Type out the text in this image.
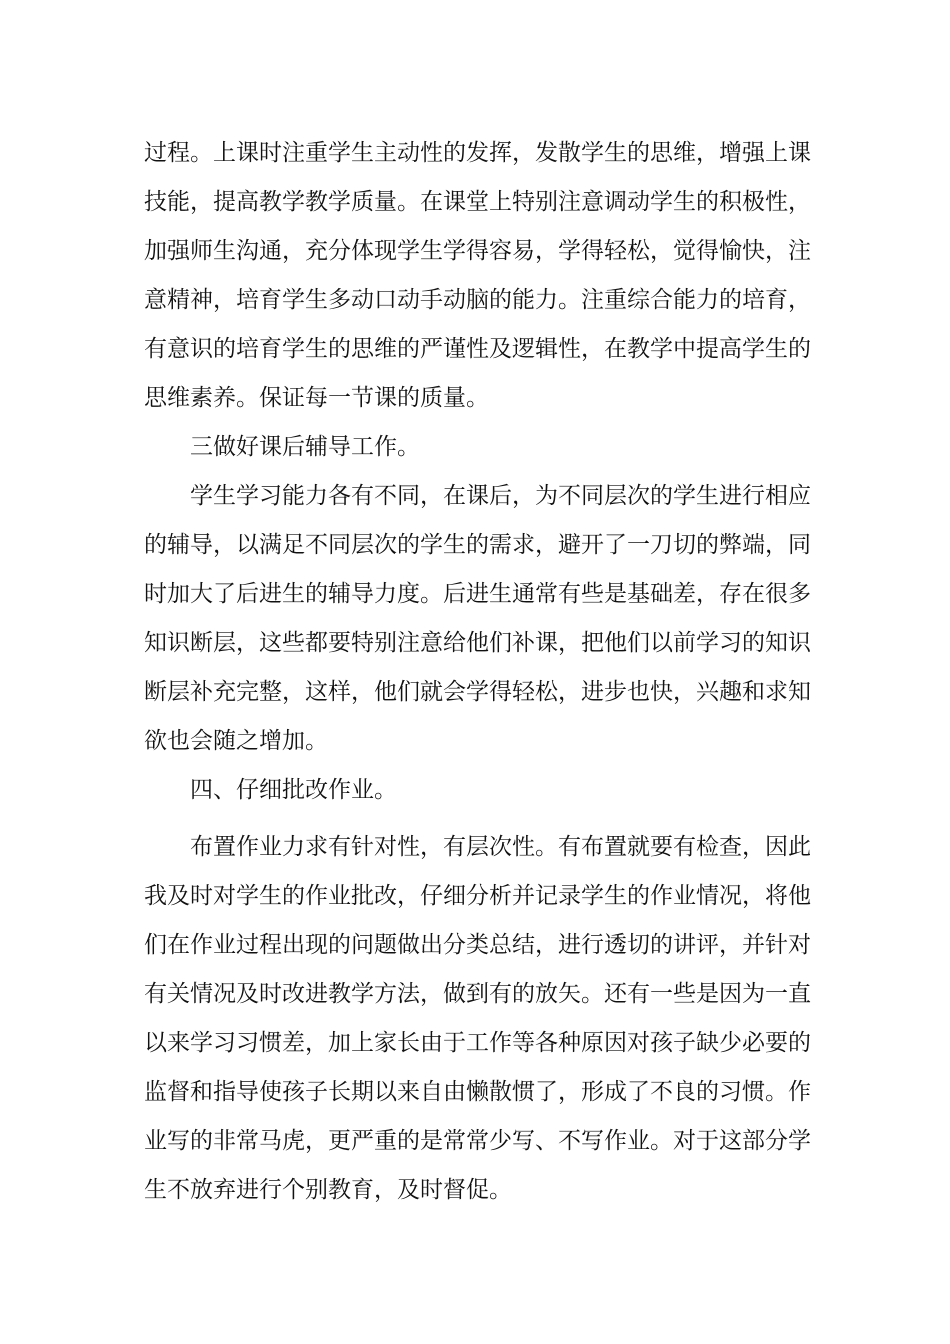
过程。上课时注重学生主动性的发挥，发散学生的思维，增强上课
技能，提高教学教学质量。在课堂上特别注意调动学生的积极性，
加强师生沟通，充分体现学生学得容易，学得轻松，觉得愉快，注
意精神，培育学生多动口动手动脑的能力。注重综合能力的培育，
有意识的培育学生的思维的严谨性及逻辑性，在教学中提高学生的
思维素养。保证每一节课的质量。
三做好课后辅导工作。
学生学习能力各有不同，在课后，为不同层次的学生进行相应
的辅导，以满足不同层次的学生的需求，避开了一刀切的弊端，同
时加大了后进生的辅导力度。后进生通常有些是基础差，存在很多
知识断层，这些都要特别注意给他们补课，把他们以前学习的知识
断层补充完整，这样，他们就会学得轻松，进步也快，兴趣和求知
欲也会随之增加。
四、仔细批改作业。
布置作业力求有针对性，有层次性。有布置就要有检查，因此
我及时对学生的作业批改，仔细分析并记录学生的作业情况，将他
们在作业过程出现的问题做出分类总结，进行透切的讲评，并针对
有关情况及时改进教学方法，做到有的放矢。还有一些是因为一直
以来学习习惯差，加上家长由于工作等各种原因对孩子缺少必要的
监督和指导使孩子长期以来自由懒散惯了，形成了不良的习惯。作
业写的非常马虎，更严重的是常常少写、不写作业。对于这部分学
生不放弃进行个别教育，及时督促。
